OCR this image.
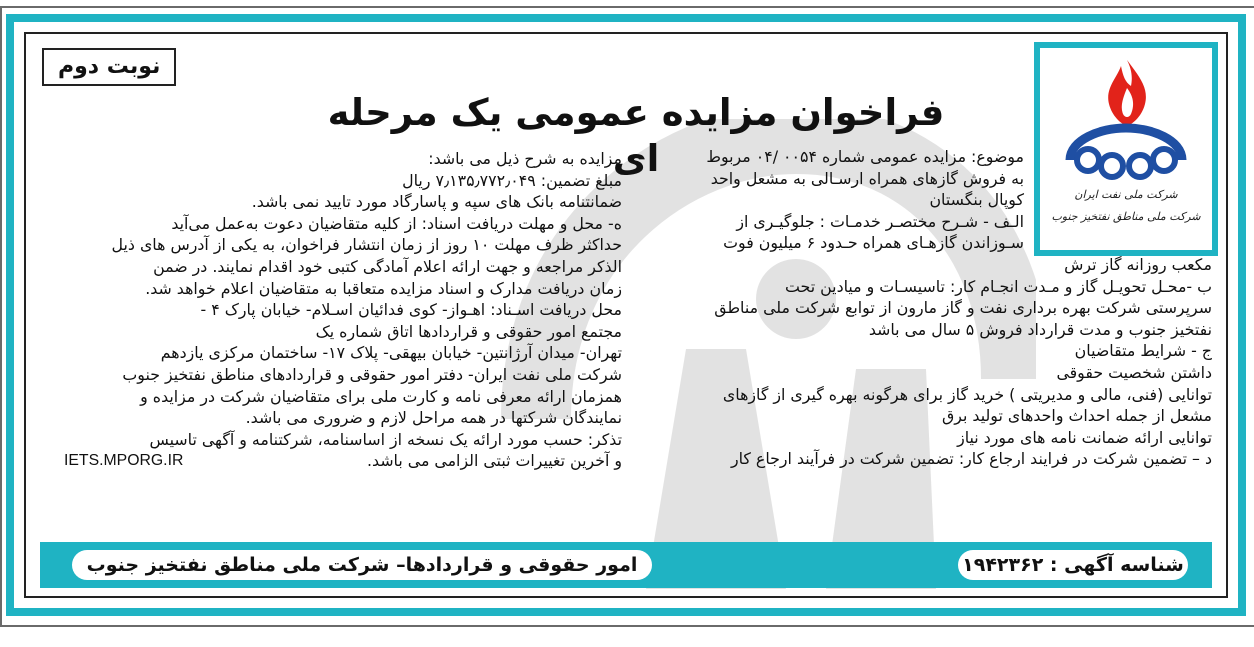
نوبت دوم
فراخوان مزایده عمومی یک مرحله ای
شرکت ملی نفت ایران
شرکت ملی مناطق نفتخیز جنوب

موضوع: مزایده عمومی شماره ۰۰۵۴ /۰۴ مربوط

به فروش گازهای همراه ارسـالی به مشعل واحد

کوپال بنگستان

الـف - شـرح مختصـر خدمـات : جلوگیـری از

سـوزاندن گازهـای همراه حـدود ۶ میلیون فوت

مکعب روزانه گاز ترش

ب -محـل تحویـل گاز و مـدت انجـام کار: تاسیسـات و میادین تحت

سرپرستی شرکت بهره برداری نفت و گاز مارون از توابع شرکت ملی مناطق

نفتخیز جنوب و مدت قرارداد فروش ۵ سال می باشد

ج - شرایط متقاضیان

داشتن شخصیت حقوقی

توانایی (فنی، مالی و مدیریتی ) خرید گاز برای هرگونه بهره گیری از گازهای

مشعل از جمله احداث واحدهای تولید برق

توانایی ارائه ضمانت نامه های مورد نیاز

د – تضمین شرکت در فرایند ارجاع کار: تضمین شرکت در فرآیند ارجاع کار

مزایده به شرح ذیل می باشد:

مبلغ تضمین: ۷٫۱۳۵٫۷۷۲٫۰۴۹ ریال

ضمانتنامه بانک های سپه و پاسارگاد مورد تایید نمی باشد.

ه- محل و مهلت دریافت اسناد: از کلیه متقاضیان دعوت به‌عمل می‌آید

حداکثر ظرف مهلت ۱۰ روز از زمان انتشار فراخوان، به یکی از آدرس های ذیل

الذکر مراجعه و جهت ارائه اعلام آمادگی کتبی خود اقدام نمایند. در ضمن

زمان دریافت مدارک و اسناد مزایده متعاقبا به متقاضیان اعلام خواهد شد.

محل دریافت اسـناد: اهـواز- کوی فدائیان اسـلام- خیابان پارک ۴ -

مجتمع امور حقوقی و قراردادها اتاق شماره یک

تهران- میدان آرژانتین- خیابان بیهقی- پلاک ۱۷- ساختمان مرکزی یازدهم

شرکت ملی نفت ایران- دفتر امور حقوقی و قراردادهای مناطق نفتخیز جنوب

همزمان ارائه معرفی نامه و کارت ملی برای متقاضیان شرکت در مزایده و

نمایندگان شرکتها در همه مراحل لازم و ضروری می باشد.

تذکر: حسب مورد ارائه یک نسخه از اساسنامه، شرکتنامه و آگهی تاسیس

و آخرین تغییرات ثبتی الزامی می باشد.
IETS.MPORG.IR

شناسه آگهی : ۱۹۴۲۳۶۲
امور حقوقی و قراردادها– شرکت ملی مناطق نفتخیز جنوب
